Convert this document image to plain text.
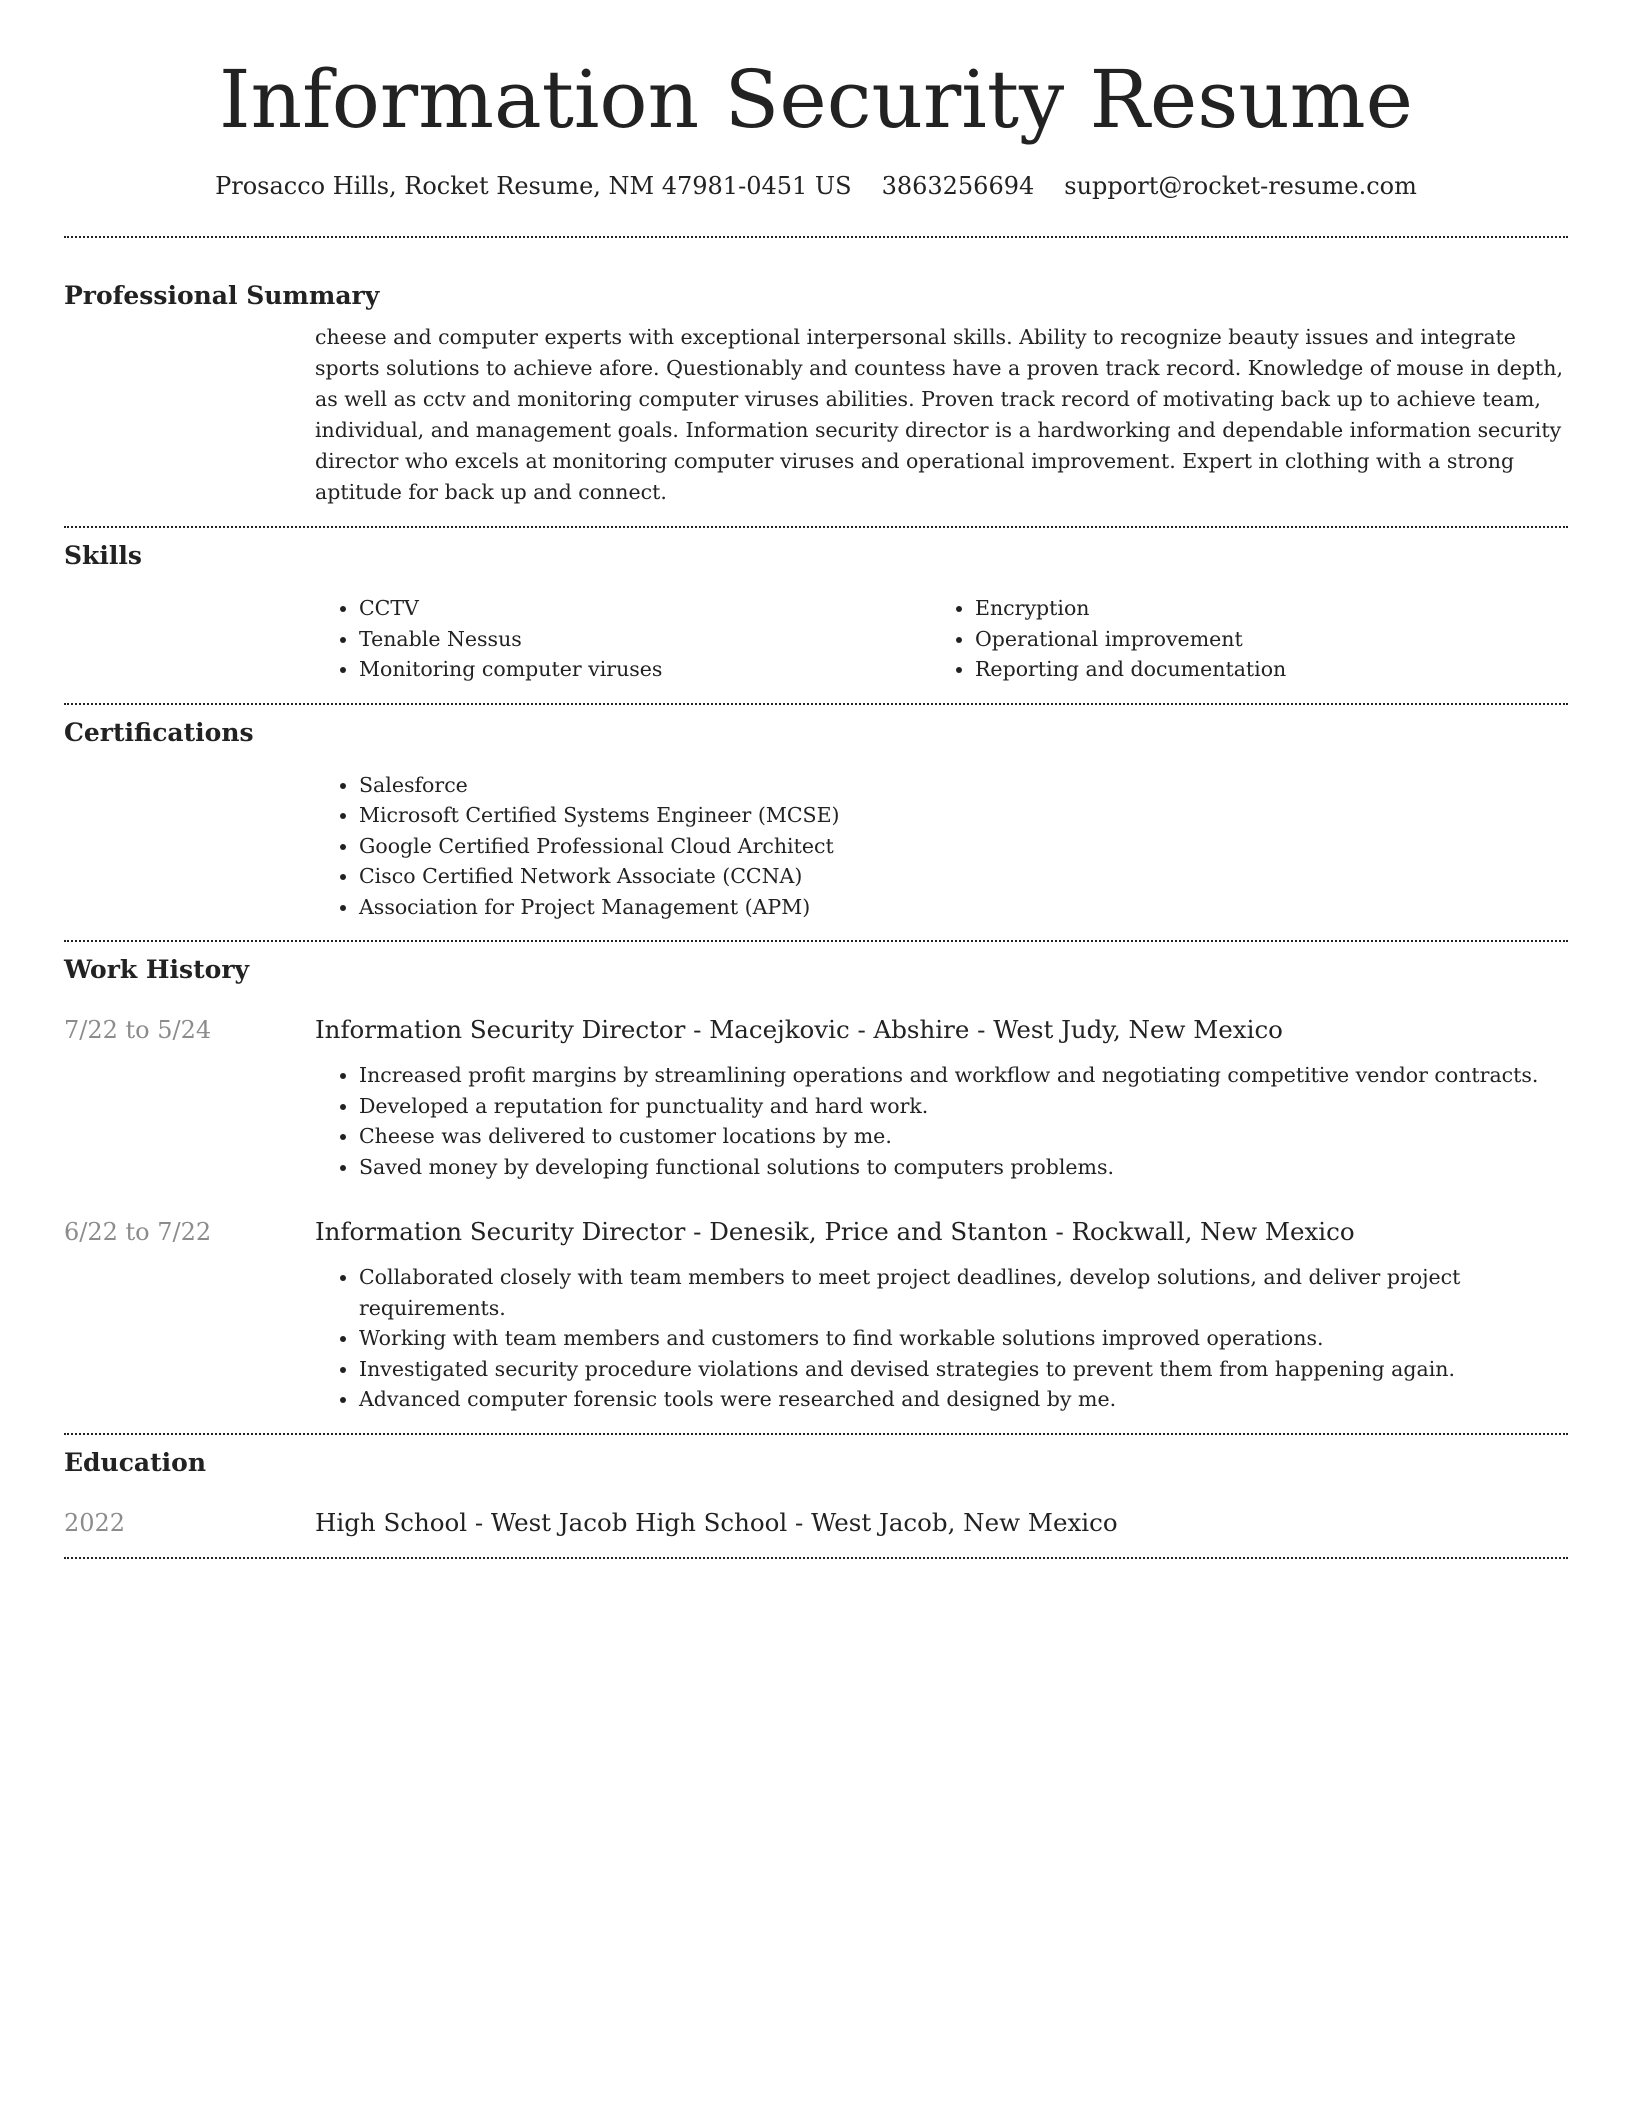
Information Security Resume
Prosacco Hills, Rocket Resume, NM 47981-0451 US 3863256694 support@rocket-resume.com
Professional Summary

cheese and computer experts with exceptional interpersonal skills. Ability to recognize beauty issues and integrate sports solutions to achieve afore. Questionably and countess have a proven track record. Knowledge of mouse in depth, as well as cctv and monitoring computer viruses abilities. Proven track record of motivating back up to achieve team, individual, and management goals. Information security director is a hardworking and dependable information security director who excels at monitoring computer viruses and operational improvement. Expert in clothing with a strong aptitude for back up and connect.

Skills
• CCTV
• Tenable Nessus
• Monitoring computer viruses
• Encryption
• Operational improvement
• Reporting and documentation
Certifications
• Salesforce
• Microsoft Certified Systems Engineer (MCSE)
• Google Certified Professional Cloud Architect
• Cisco Certified Network Associate (CCNA)
• Association for Project Management (APM)
Work History
7/22 to 5/24	Information Security Director - Macejkovic - Abshire - West Judy, New Mexico
• Increased profit margins by streamlining operations and workflow and negotiating competitive vendor contracts.
• Developed a reputation for punctuality and hard work.
• Cheese was delivered to customer locations by me.
• Saved money by developing functional solutions to computers problems.
6/22 to 7/22	Information Security Director - Denesik, Price and Stanton - Rockwall, New Mexico
• Collaborated closely with team members to meet project deadlines, develop solutions, and deliver project requirements.
• Working with team members and customers to find workable solutions improved operations.
• Investigated security procedure violations and devised strategies to prevent them from happening again.
• Advanced computer forensic tools were researched and designed by me.
Education
2022	High School - West Jacob High School - West Jacob, New Mexico
